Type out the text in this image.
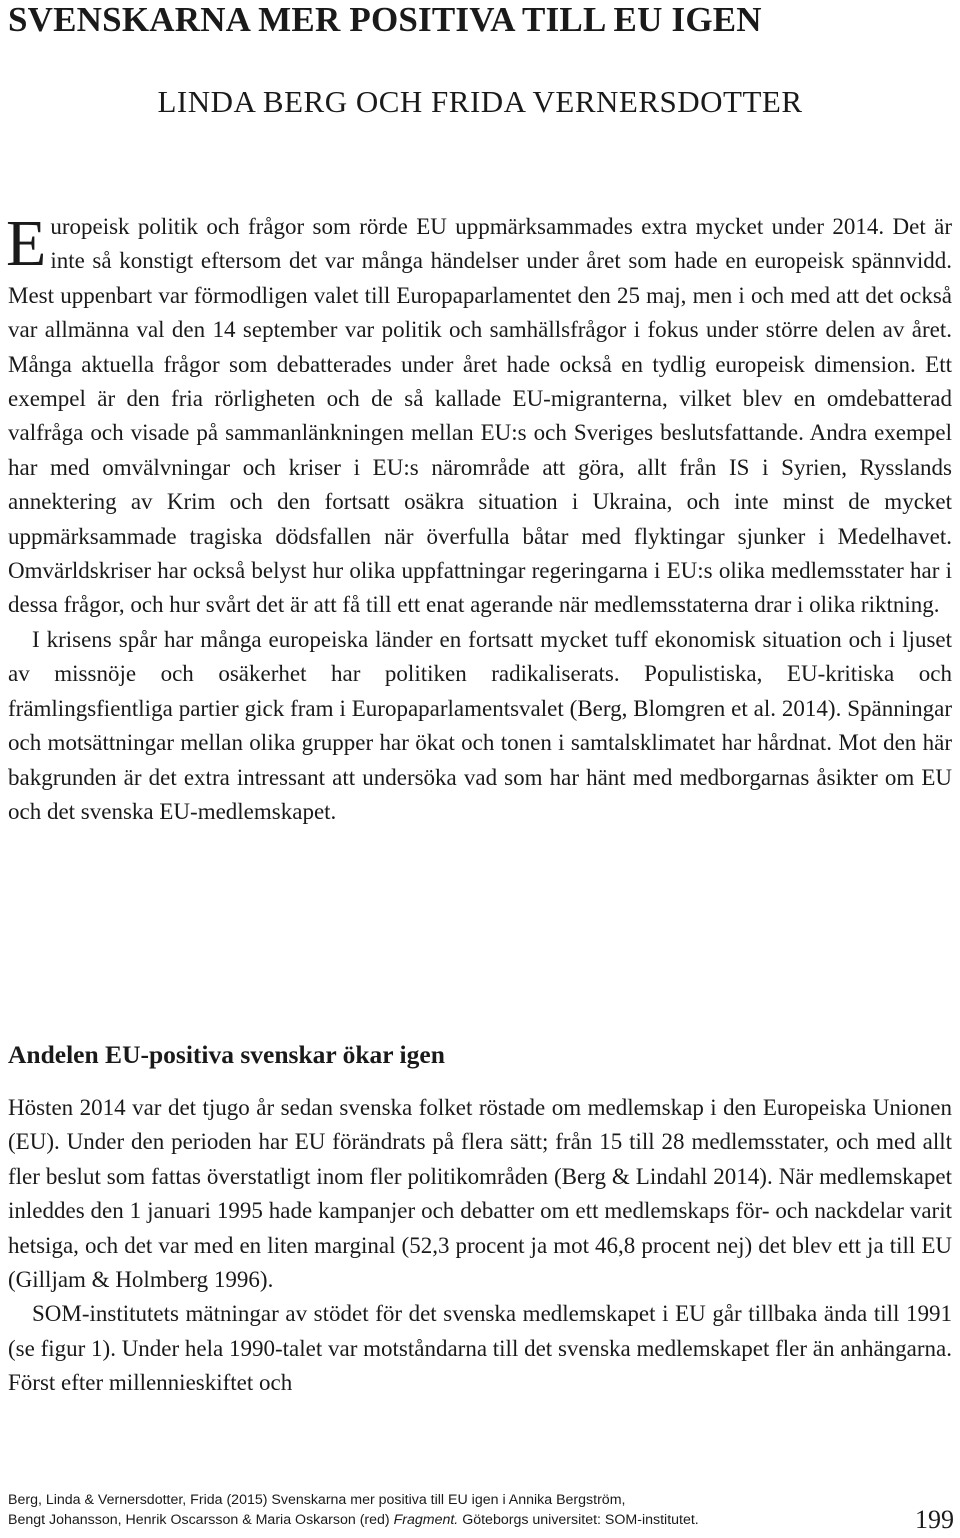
SVENSKARNA MER POSITIVA TILL EU IGEN
LINDA BERG OCH FRIDA VERNERSDOTTER

Europeisk politik och frågor som rörde EU uppmärksammades extra mycket under 2014. Det är inte så konstigt eftersom det var många händelser under året som hade en europeisk spännvidd. Mest uppenbart var förmodligen valet till Europaparlamentet den 25 maj, men i och med att det också var allmänna val den 14 september var politik och samhällsfrågor i fokus under större delen av året. Många aktuella frågor som debatterades under året hade också en tydlig europeisk dimension. Ett exempel är den fria rörligheten och de så kallade EU-migranterna, vilket blev en omdebatterad valfråga och visade på sammanlänkningen mellan EU:s och Sveriges beslutsfattande. Andra exempel har med omvälvningar och kriser i EU:s närområde att göra, allt från IS i Syrien, Rysslands annektering av Krim och den fortsatt osäkra situation i Ukraina, och inte minst de mycket uppmärksammade tragiska dödsfallen när överfulla båtar med flyktingar sjunker i Medelhavet. Omvärldskriser har också belyst hur olika uppfattningar regeringarna i EU:s olika medlemsstater har i dessa frågor, och hur svårt det är att få till ett enat agerande när medlemsstaterna drar i olika riktning.

I krisens spår har många europeiska länder en fortsatt mycket tuff ekonomisk situation och i ljuset av missnöje och osäkerhet har politiken radikaliserats. Populistiska, EU-kritiska och främlingsfientliga partier gick fram i Europaparlamentsvalet (Berg, Blomgren et al. 2014). Spänningar och motsättningar mellan olika grupper har ökat och tonen i samtalsklimatet har hårdnat. Mot den här bakgrunden är det extra intressant att undersöka vad som har hänt med medborgarnas åsikter om EU och det svenska EU-medlemskapet.

Andelen EU-positiva svenskar ökar igen

Hösten 2014 var det tjugo år sedan svenska folket röstade om medlemskap i den Europeiska Unionen (EU). Under den perioden har EU förändrats på flera sätt; från 15 till 28 medlemsstater, och med allt fler beslut som fattas överstatligt inom fler politikområden (Berg & Lindahl 2014). När medlemskapet inleddes den 1 januari 1995 hade kampanjer och debatter om ett medlemskaps för- och nackdelar varit hetsiga, och det var med en liten marginal (52,3 procent ja mot 46,8 procent nej) det blev ett ja till EU (Gilljam & Holmberg 1996).

SOM-institutets mätningar av stödet för det svenska medlemskapet i EU går tillbaka ända till 1991 (se figur 1). Under hela 1990-talet var motståndarna till det svenska medlemskapet fler än anhängarna. Först efter millennieskiftet och

Berg, Linda & Vernersdotter, Frida (2015) Svenskarna mer positiva till EU igen i Annika Bergström,
Bengt Johansson, Henrik Oscarsson & Maria Oskarson (red) Fragment. Göteborgs universitet: SOM-institutet.	199
